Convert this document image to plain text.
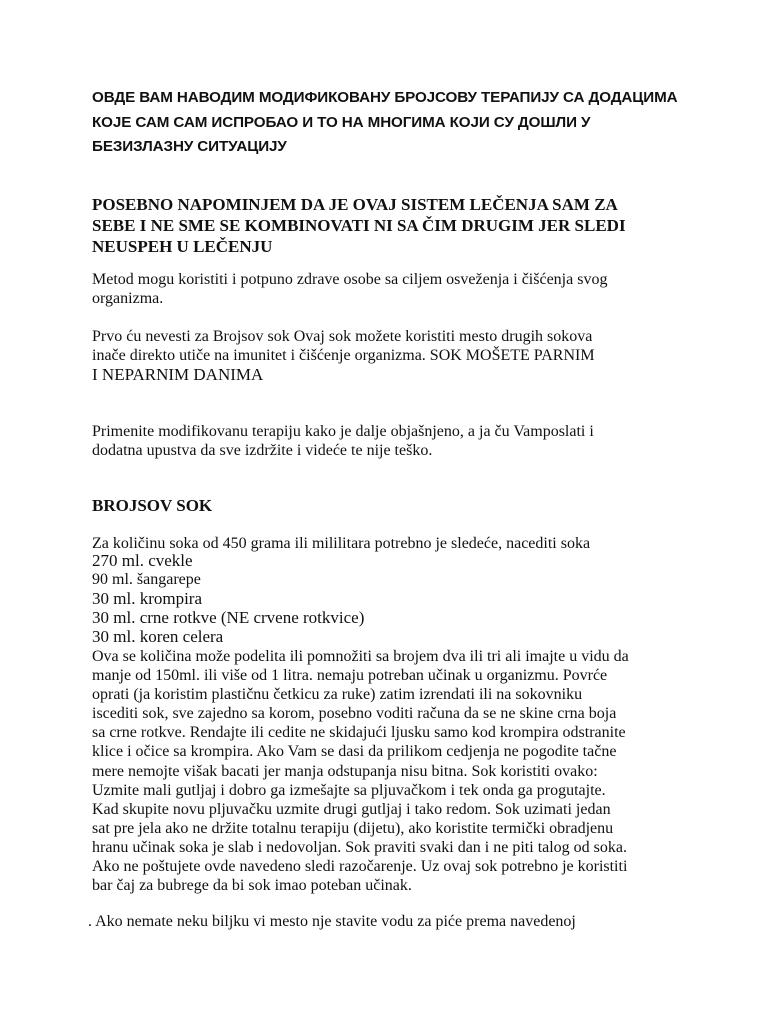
ОВДЕ ВАМ НАВОДИМ МОДИФИКОВАНУ БРОЈСОВУ ТЕРАПИЈУ СА ДОДАЦИМА
КОЈЕ САМ САМ ИСПРОБАО И ТО НА МНОГИМА КОЈИ СУ ДОШЛИ У
БЕЗИЗЛАЗНУ СИТУАЦИЈУ
POSEBNO NAPOMINJEM DA JE OVAJ SISTEM LEČENJA SAM ZA
SEBE I NE SME SE KOMBINOVATI NI SA ČIM DRUGIM JER SLEDI
NEUSPEH U LEČENJU
Metod mogu koristiti i potpuno zdrave osobe sa ciljem osveženja i čišćenja svog
organizma.
Prvo ću nevesti za Brojsov sok Ovaj sok možete koristiti mesto drugih sokova
inače direkto utiče na imunitet i čišćenje organizma. SOK MOŠETE PARNIM
I NEPARNIM DANIMA
Primenite modifikovanu terapiju kako je dalje objašnjeno, a ja ču Vamposlati i
dodatna upustva da sve izdržite i videće te nije teško.
BROJSOV SOK
Za količinu soka od 450 grama ili mililitara potrebno je sledeće, nacediti soka
270 ml. cvekle
90 ml. šangarepe
30 ml. krompira
30 ml. crne rotkve (NE crvene rotkvice)
30 ml. koren celera
Ova se količina može podelita ili pomnožiti sa brojem dva ili tri ali imajte u vidu da
manje od 150ml. ili više od 1 litra. nemaju potreban učinak u organizmu. Povrće
oprati (ja koristim plastičnu četkicu za ruke) zatim izrendati ili na sokovniku
isceditі sok, sve zajedno sa korom, posebno voditi računa da se ne skine crna boja
sa crne rotkve. Rendajte ili cedite ne skidajući ljusku samo kod krompira odstranite
klice i očice sa krompira. Ako Vam se dasi da prilikom cedjenja ne pogodite tačne
mere nemojte višak bacati jer manja odstupanja nisu bitna. Sok koristiti ovako:
Uzmite mali gutljaj i dobro ga izmešajte sa pljuvačkom i tek onda ga progutajte.
Kad skupite novu pljuvačku uzmite drugi gutljaj i tako redom. Sok uzimati jedan
sat pre jela ako ne držite totalnu terapiju (dijetu), ako koristite termički obradjenu
hranu učinak soka je slab i nedovoljan. Sok praviti svaki dan i ne piti talog od soka.
Ako ne poštujete ovde navedeno sledi razočarenje. Uz ovaj sok potrebno je koristiti
bar čaj za bubrege da bi sok imao poteban učinak.
. Ako nemate neku biljku vi mesto nje stavite vodu za piće prema navedenoj
